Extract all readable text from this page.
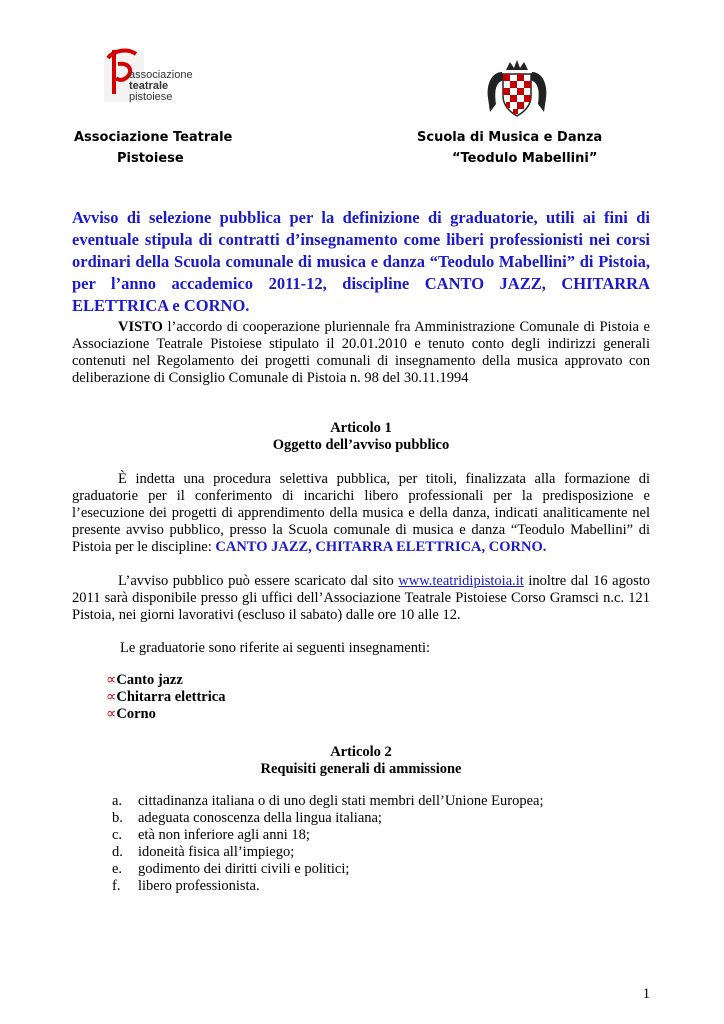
associazione
teatrale
pistoiese
Associazione Teatrale
Pistoiese
Scuola di Musica e Danza
“Teodulo Mabellini”
Avviso di selezione pubblica per la definizione di graduatorie, utili ai fini di eventuale stipula di contratti d’insegnamento come liberi professionisti nei corsi ordinari della Scuola comunale di musica e danza “Teodulo Mabellini” di Pistoia, per l’anno accademico 2011-12, discipline CANTO JAZZ, CHITARRA ELETTRICA e CORNO.
VISTO l’accordo di cooperazione pluriennale fra Amministrazione Comunale di Pistoia e Associazione Teatrale Pistoiese stipulato il 20.01.2010 e tenuto conto degli indirizzi generali contenuti nel Regolamento dei progetti comunali di insegnamento della musica approvato con deliberazione di Consiglio Comunale di Pistoia n. 98 del 30.11.1994
Articolo 1
Oggetto dell’avviso pubblico
È indetta una procedura selettiva pubblica, per titoli, finalizzata alla formazione di graduatorie per il conferimento di incarichi libero professionali per la predisposizione e l’esecuzione dei progetti di apprendimento della musica e della danza, indicati analiticamente nel presente avviso pubblico, presso la Scuola comunale di musica e danza “Teodulo Mabellini” di Pistoia per le discipline: CANTO JAZZ, CHITARRA ELETTRICA, CORNO.
L’avviso pubblico può essere scaricato dal sito www.teatridipistoia.it inoltre dal 16 agosto 2011 sarà disponibile presso gli uffici dell’Associazione Teatrale Pistoiese Corso Gramsci n.c. 121 Pistoia, nei giorni lavorativi (escluso il sabato) dalle ore 10 alle 12.
Le graduatorie sono riferite ai seguenti insegnamenti:
∝Canto jazz
∝Chitarra elettrica
∝Corno
Articolo 2
Requisiti generali di ammissione
a. cittadinanza italiana o di uno degli stati membri dell’Unione Europea;
b. adeguata conoscenza della lingua italiana;
c. età non inferiore agli anni 18;
d. idoneità fisica all’impiego;
e. godimento dei diritti civili e politici;
f. libero professionista.
1
